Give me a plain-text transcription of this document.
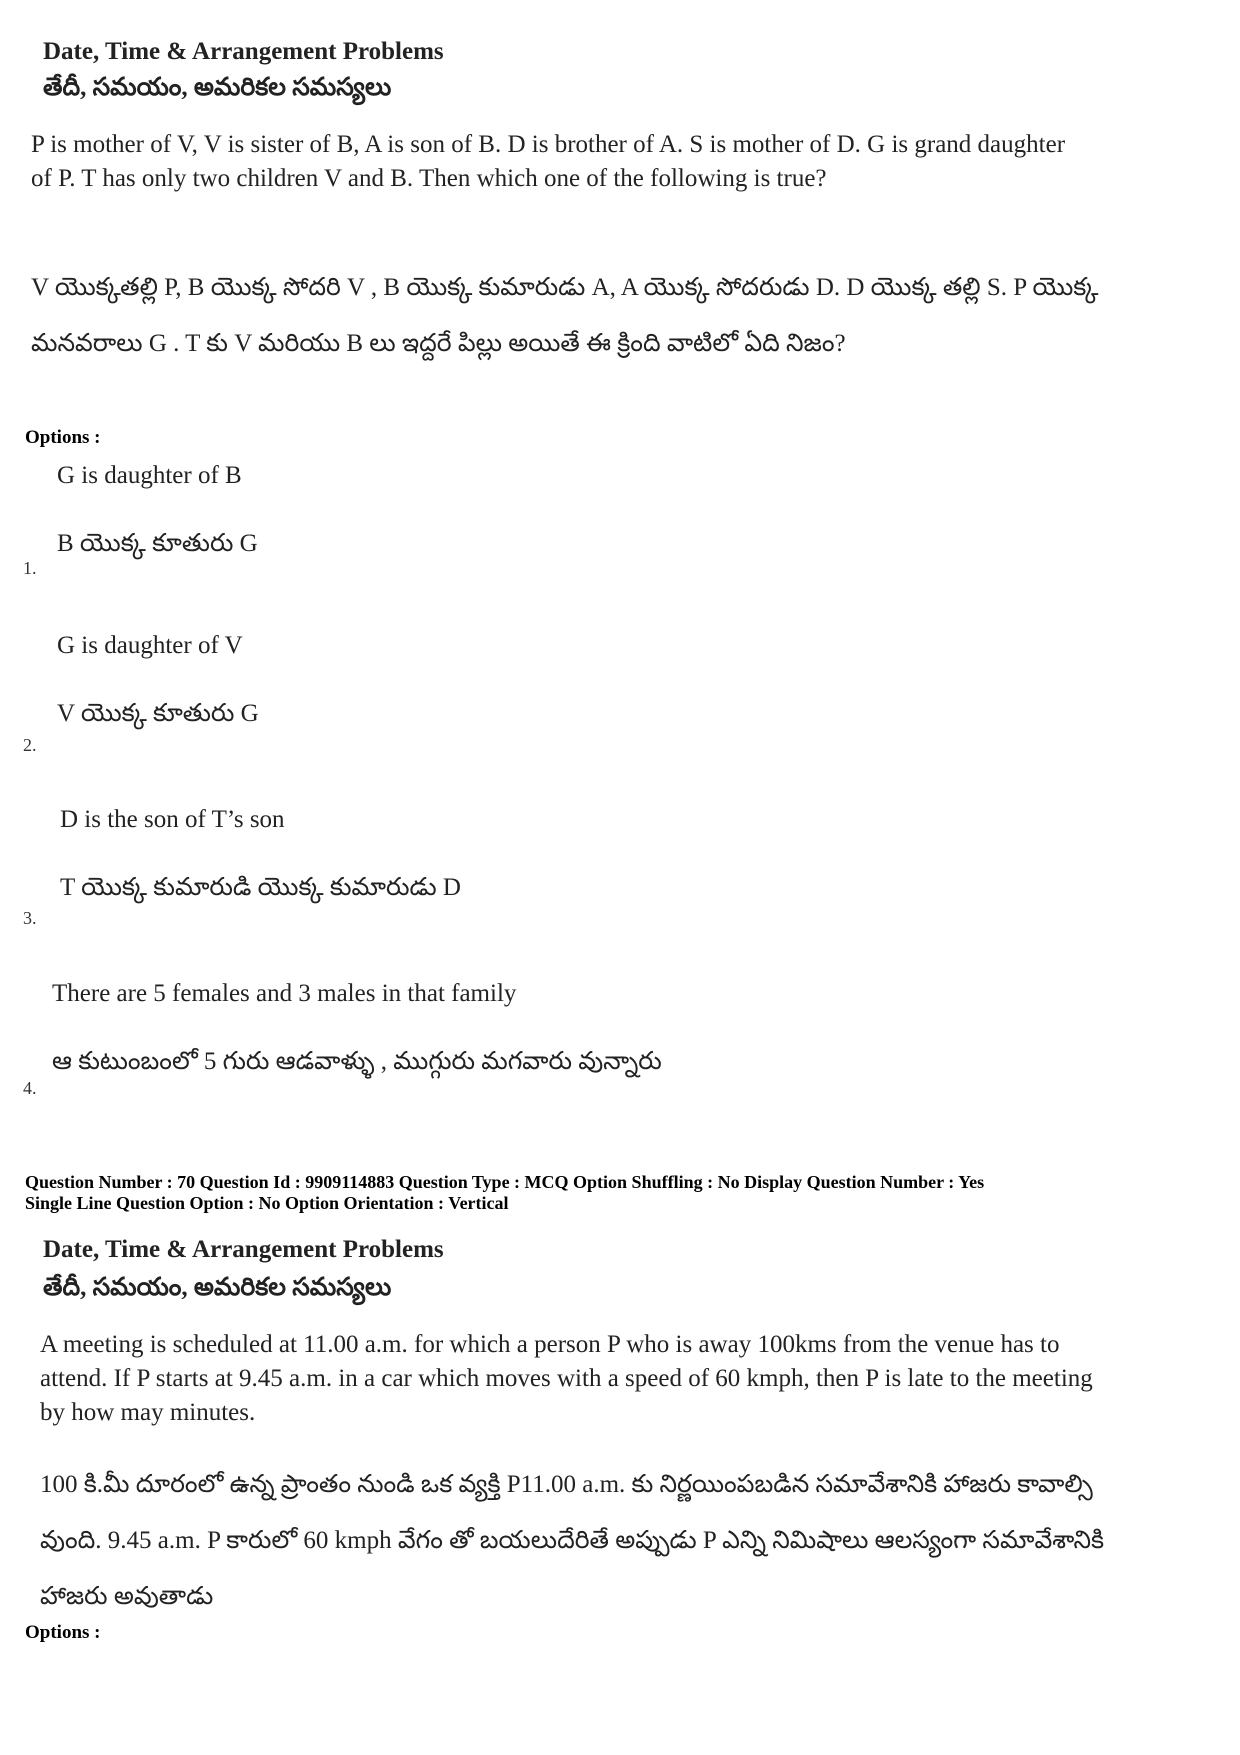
Date, Time & Arrangement Problems
తేదీ, సమయం, అమరికల సమస్యలు
P is mother of V, V is sister of B, A is son of B. D is brother of A. S is mother of D. G is grand daughter of P. T has only two children V and B. Then which one of the following is true?
V యొక్కతల్లి P, B యొక్క సోదరి V , B యొక్క కుమారుడు A, A యొక్క సోదరుడు D. D యొక్క తల్లి S. P యొక్క మనవరాలు G . T కు V మరియు B లు ఇద్దరే పిల్లు అయితే ఈ క్రింది వాటిలో ఏది నిజం?
Options :
G is daughter of B
B యొక్క కూతురు G
1.
G is daughter of V
V యొక్క కూతురు G
2.
D is the son of T’s son
T యొక్క కుమారుడి యొక్క కుమారుడు D
3.
There are 5 females and 3 males in that family
ఆ కుటుంబంలో 5 గురు ఆడవాళ్ళు , ముగ్గురు మగవారు వున్నారు
4.
Question Number : 70 Question Id : 9909114883 Question Type : MCQ Option Shuffling : No Display Question Number : Yes
Single Line Question Option : No Option Orientation : Vertical
Date, Time & Arrangement Problems
తేదీ, సమయం, అమరికల సమస్యలు
A meeting is scheduled at 11.00 a.m. for which a person P who is away 100kms from the venue has to attend. If P starts at 9.45 a.m. in a car which moves with a speed of 60 kmph, then P is late to the meeting by how may minutes.
100 కి.మీ దూరంలో ఉన్న ప్రాంతం నుండి ఒక వ్యక్తి P11.00 a.m. కు నిర్ణయింపబడిన సమావేశానికి హాజరు కావాల్సి వుంది. 9.45 a.m. P కారులో 60 kmph వేగం తో బయలుదేరితే అప్పుడు P ఎన్ని నిమిషాలు ఆలస్యంగా సమావేశానికి హాజరు అవుతాడు
Options :
